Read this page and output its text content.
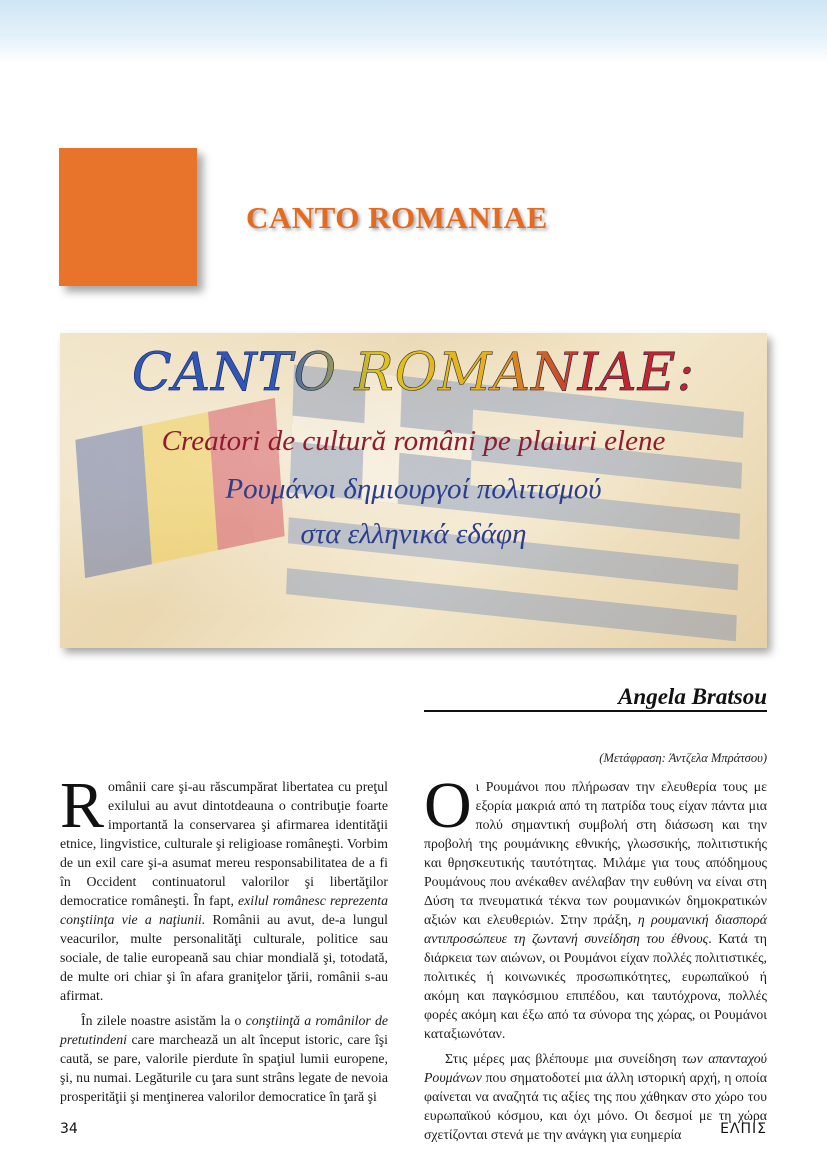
CANTO ROMANIAE
CANTO ROMANIAE:
Creatori de cultură români pe plaiuri elene
Ρουμάνοι δημιουργοί πολιτισμού
στα ελληνικά εδάφη
Angela Bratsou
(Μετάφραση: Άντζελα Μπράτσου)

Românii care şi-au răscumpărat libertatea cu preţul exilului au avut dintotdeauna o contribuţie foarte importantă la conservarea şi afirmarea identităţii etnice, lingvistice, culturale şi religioase româneşti. Vorbim de un exil care şi-a asumat mereu responsabilitatea de a fi în Occident continuatorul valorilor şi libertăţilor democratice româneşti. În fapt, exilul românesc reprezenta conştiinţa vie a naţiunii. Românii au avut, de-a lungul veacurilor, multe personalităţi culturale, politice sau sociale, de talie europeană sau chiar mondială şi, totodată, de multe ori chiar şi în afara graniţelor ţării, românii s-au afirmat.

În zilele noastre asistăm la o conştiinţă a românilor de pretutindeni care marchează un alt început istoric, care îşi caută, se pare, valorile pierdute în spaţiul lumii europene, şi, nu numai. Legăturile cu ţara sunt strâns legate de nevoia prosperităţii şi menţinerea valorilor democratice în ţară şi

Oι Ρουμάνοι που πλήρωσαν την ελευθερία τους με εξορία μακριά από τη πατρίδα τους είχαν πάντα μια πολύ σημαντική συμβολή στη διάσωση και την προβολή της ρουμάνικης εθνικής, γλωσσικής, πολιτιστικής και θρησκευτικής ταυτότητας. Μιλάμε για τους απόδημους Ρουμάνους που ανέκαθεν ανέλαβαν την ευθύνη να είναι στη Δύση τα πνευματικά τέκνα των ρουμανικών δημοκρατικών αξιών και ελευθεριών. Στην πράξη, η ρουμανική διασπορά αντιπροσώπευε τη ζωντανή συνείδηση του έθνους. Κατά τη διάρκεια των αιώνων, οι Ρουμάνοι είχαν πολλές πολιτιστικές, πολιτικές ή κοινωνικές προσωπικότητες, ευρωπαϊκού ή ακόμη και παγκόσμιου επιπέδου, και ταυτόχρονα, πολλές φορές ακόμη και έξω από τα σύνορα της χώρας, οι Ρουμάνοι καταξιωνόταν.

Στις μέρες μας βλέπουμε μια συνείδηση των απανταχού Ρουμάνων που σηματοδοτεί μια άλλη ιστορική αρχή, η οποία φαίνεται να αναζητά τις αξίες της που χάθηκαν στο χώρο του ευρωπαϊκού κόσμου, και όχι μόνο. Οι δεσμοί με τη χώρα σχετίζονται στενά με την ανάγκη για ευημερία

34	ΕΛΠΙΣ
